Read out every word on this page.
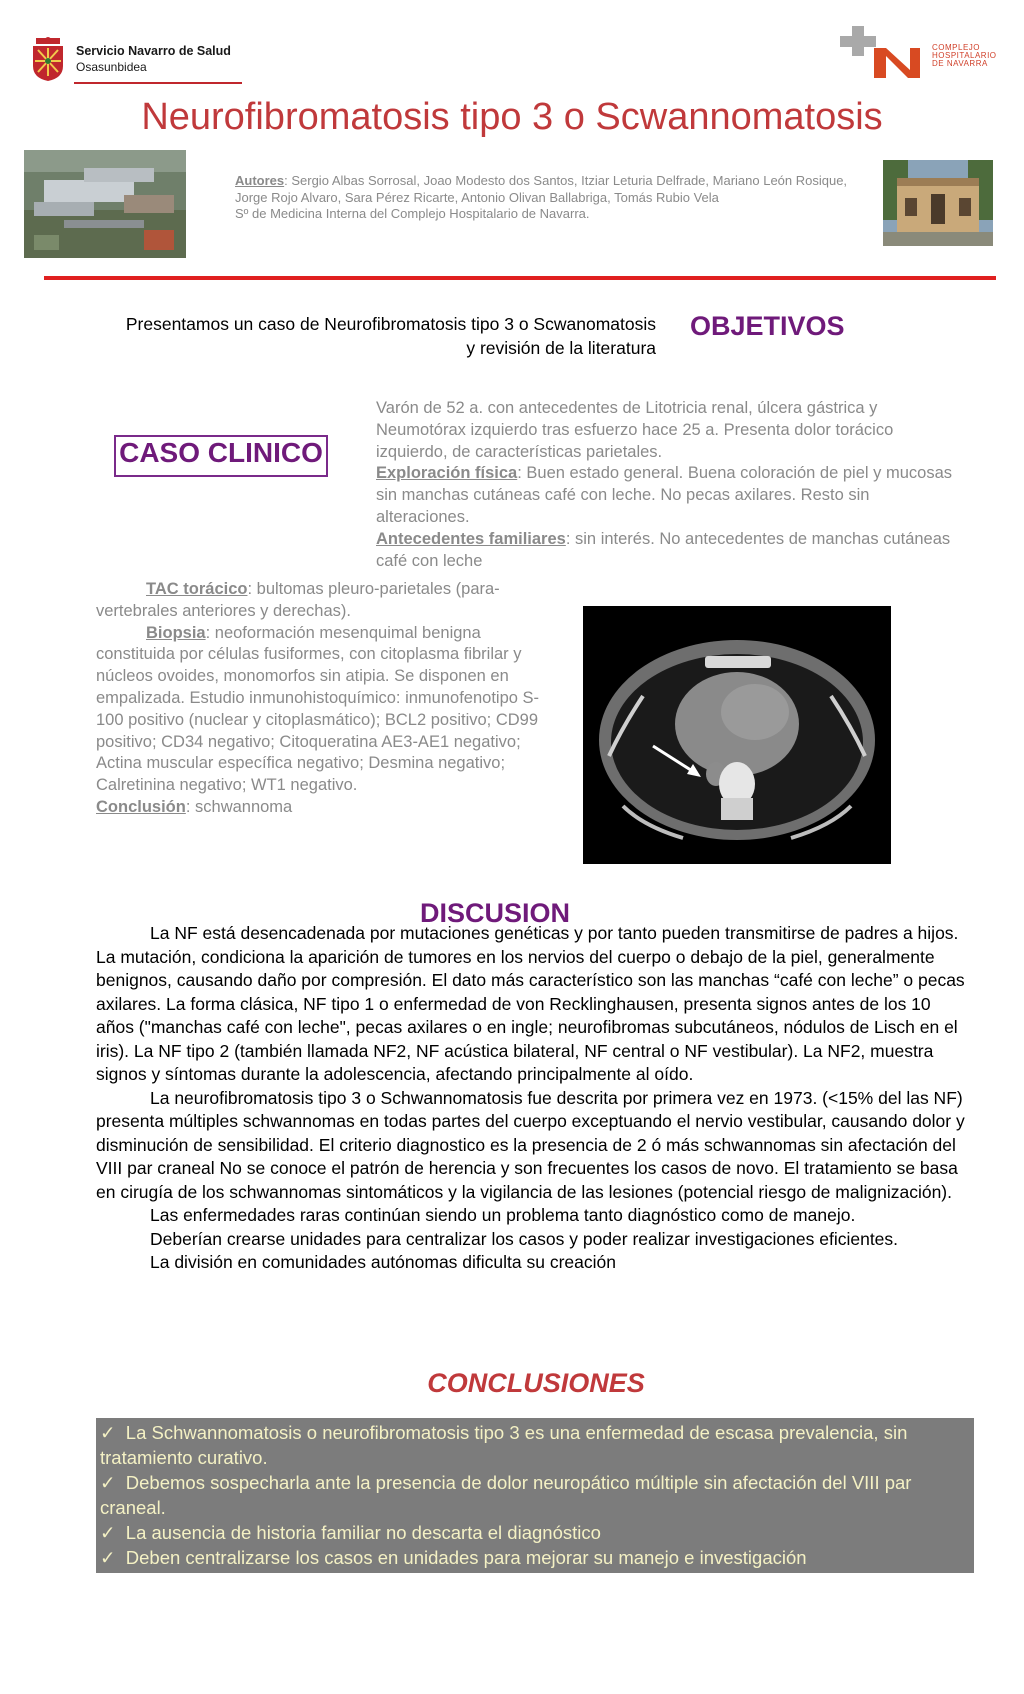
Servicio Navarro de Salud
Osasunbidea
COMPLEJO
HOSPITALARIO
DE NAVARRA
Neurofibromatosis tipo 3 o Scwannomatosis
Autores: Sergio Albas Sorrosal, Joao Modesto dos Santos, Itziar Leturia Delfrade, Mariano León Rosique, Jorge Rojo Alvaro, Sara Pérez Ricarte, Antonio Olivan Ballabriga, Tomás Rubio Vela
Sº de Medicina Interna del Complejo Hospitalario de Navarra.
Presentamos un caso de Neurofibromatosis tipo 3 o Scwanomatosis
y revisión de la literatura
OBJETIVOS
CASO CLINICO

Varón de 52 a. con antecedentes de Litotricia renal, úlcera gástrica y Neumotórax izquierdo tras esfuerzo hace 25 a. Presenta dolor torácico izquierdo, de características parietales.

Exploración física: Buen estado general. Buena coloración de piel y mucosas sin manchas cutáneas café con leche. No pecas axilares. Resto sin alteraciones.

Antecedentes familiares: sin interés. No antecedentes de manchas cutáneas café con leche

TAC torácico: bultomas pleuro-parietales (para-vertebrales anteriores y derechas).

Biopsia: neoformación mesenquimal benigna constituida por células fusiformes, con citoplasma fibrilar y núcleos ovoides, monomorfos sin atipia. Se disponen en empalizada. Estudio inmunohistoquímico: inmunofenotipo S-100 positivo (nuclear y citoplasmático); BCL2 positivo; CD99 positivo; CD34 negativo; Citoqueratina AE3-AE1 negativo; Actina muscular específica negativo; Desmina negativo; Calretinina negativo; WT1 negativo.

Conclusión: schwannoma

DISCUSION

La NF está desencadenada por mutaciones genéticas y por tanto pueden transmitirse de padres a hijos. La mutación, condiciona la aparición de tumores en los nervios del cuerpo o debajo de la piel, generalmente benignos, causando daño por compresión. El dato más característico son las manchas “café con leche” o pecas axilares. La forma clásica, NF tipo 1 o enfermedad de von Recklinghausen, presenta signos antes de los 10 años ("manchas café con leche", pecas axilares o en ingle; neurofibromas subcutáneos, nódulos de Lisch en el iris). La NF tipo 2 (también llamada NF2, NF acústica bilateral, NF central o NF vestibular). La NF2, muestra signos y síntomas durante la adolescencia, afectando principalmente al oído.

La neurofibromatosis tipo 3 o Schwannomatosis fue descrita por primera vez en 1973. (<15% del las NF) presenta múltiples schwannomas en todas partes del cuerpo exceptuando el nervio vestibular, causando dolor y disminución de sensibilidad. El criterio diagnostico es la presencia de 2 ó más schwannomas sin afectación del VIII par craneal No se conoce el patrón de herencia y son frecuentes los casos de novo. El tratamiento se basa en cirugía de los schwannomas sintomáticos y la vigilancia de las lesiones (potencial riesgo de malignización).

Las enfermedades raras continúan siendo un problema tanto diagnóstico como de manejo.

Deberían crearse unidades para centralizar los casos y poder realizar investigaciones eficientes.

La división en comunidades autónomas dificulta su creación

CONCLUSIONES
✓  La Schwannomatosis o neurofibromatosis tipo 3 es una enfermedad de escasa prevalencia, sin tratamiento curativo.
✓  Debemos sospecharla ante la presencia de dolor neuropático múltiple sin afectación del VIII par craneal.
✓  La ausencia de historia familiar no descarta el diagnóstico
✓  Deben centralizarse los casos en unidades para mejorar su manejo e investigación
